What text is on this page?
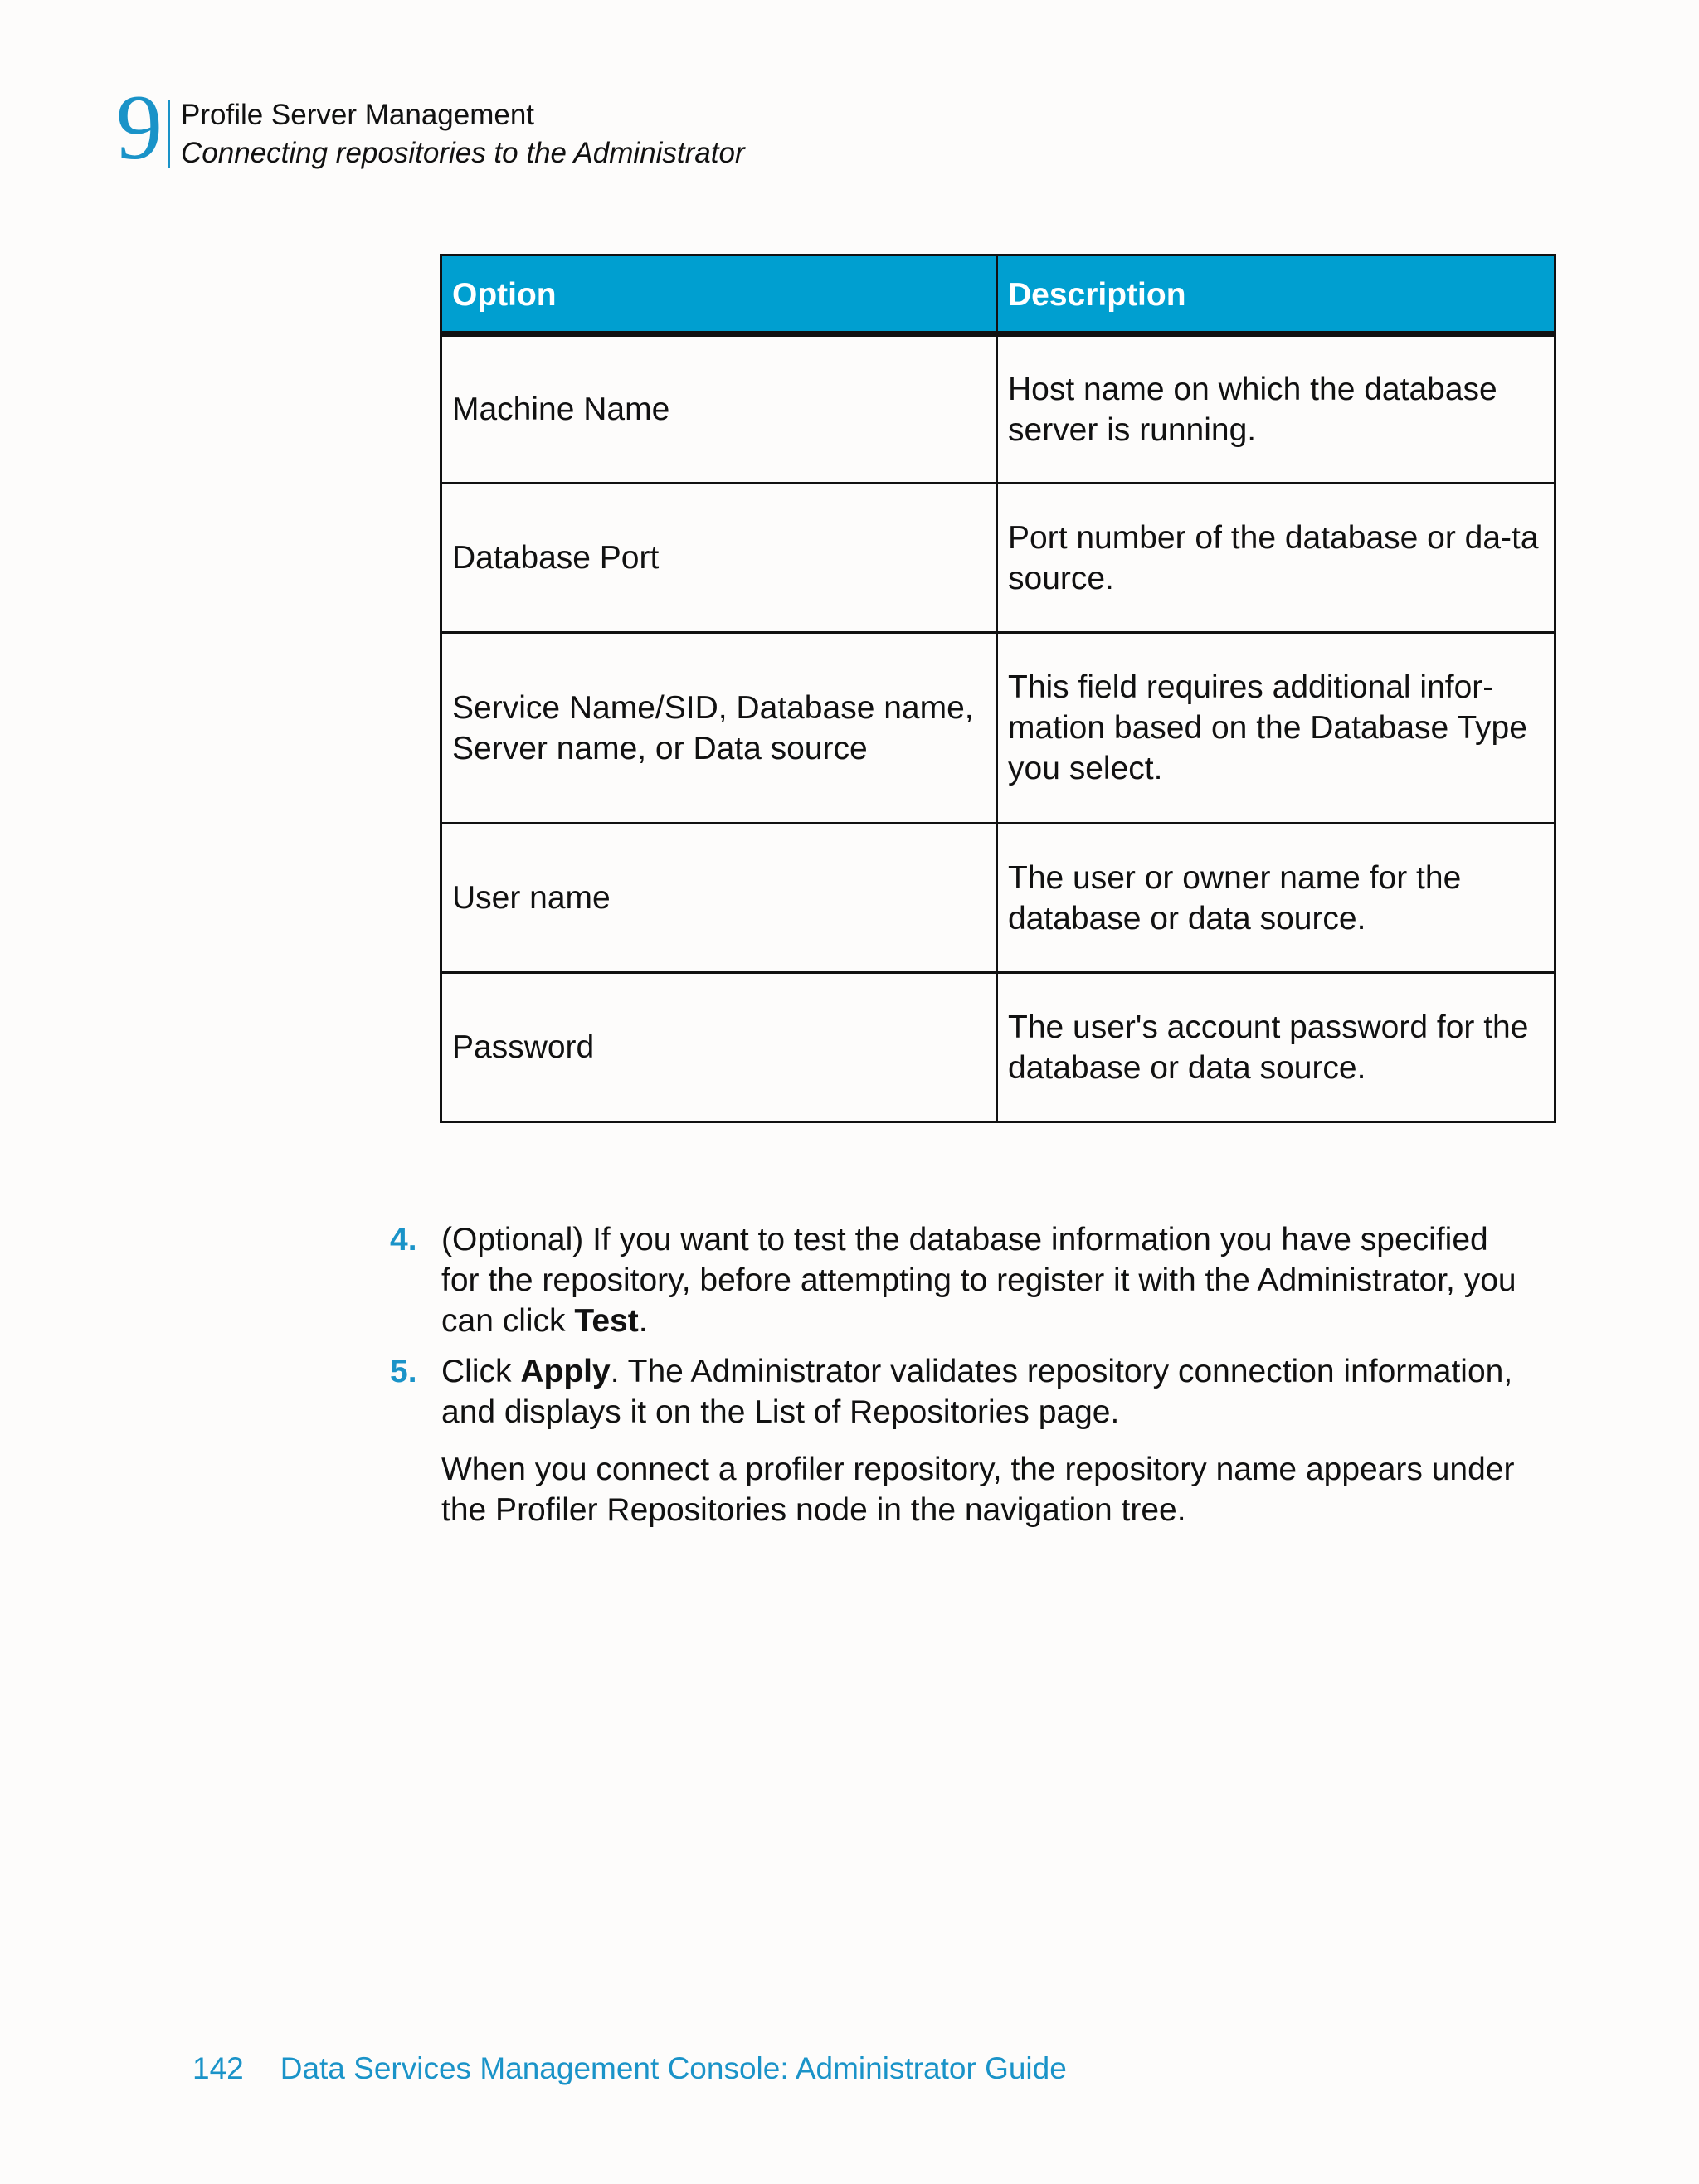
9 Profile Server Management
Connecting repositories to the Administrator
Option	Description
Machine Name	Host name on which the database server is running.
Database Port	Port number of the database or da-ta source.
Service Name/SID, Database name, Server name, or Data source	This field requires additional infor-mation based on the Database Type you select.
User name	The user or owner name for the database or data source.
Password	The user's account password for the database or data source.
4. (Optional) If you want to test the database information you have specified for the repository, before attempting to register it with the Administrator, you can click Test.
5. Click Apply. The Administrator validates repository connection information, and displays it on the List of Repositories page.
When you connect a profiler repository, the repository name appears under the Profiler Repositories node in the navigation tree.
142 Data Services Management Console: Administrator Guide
